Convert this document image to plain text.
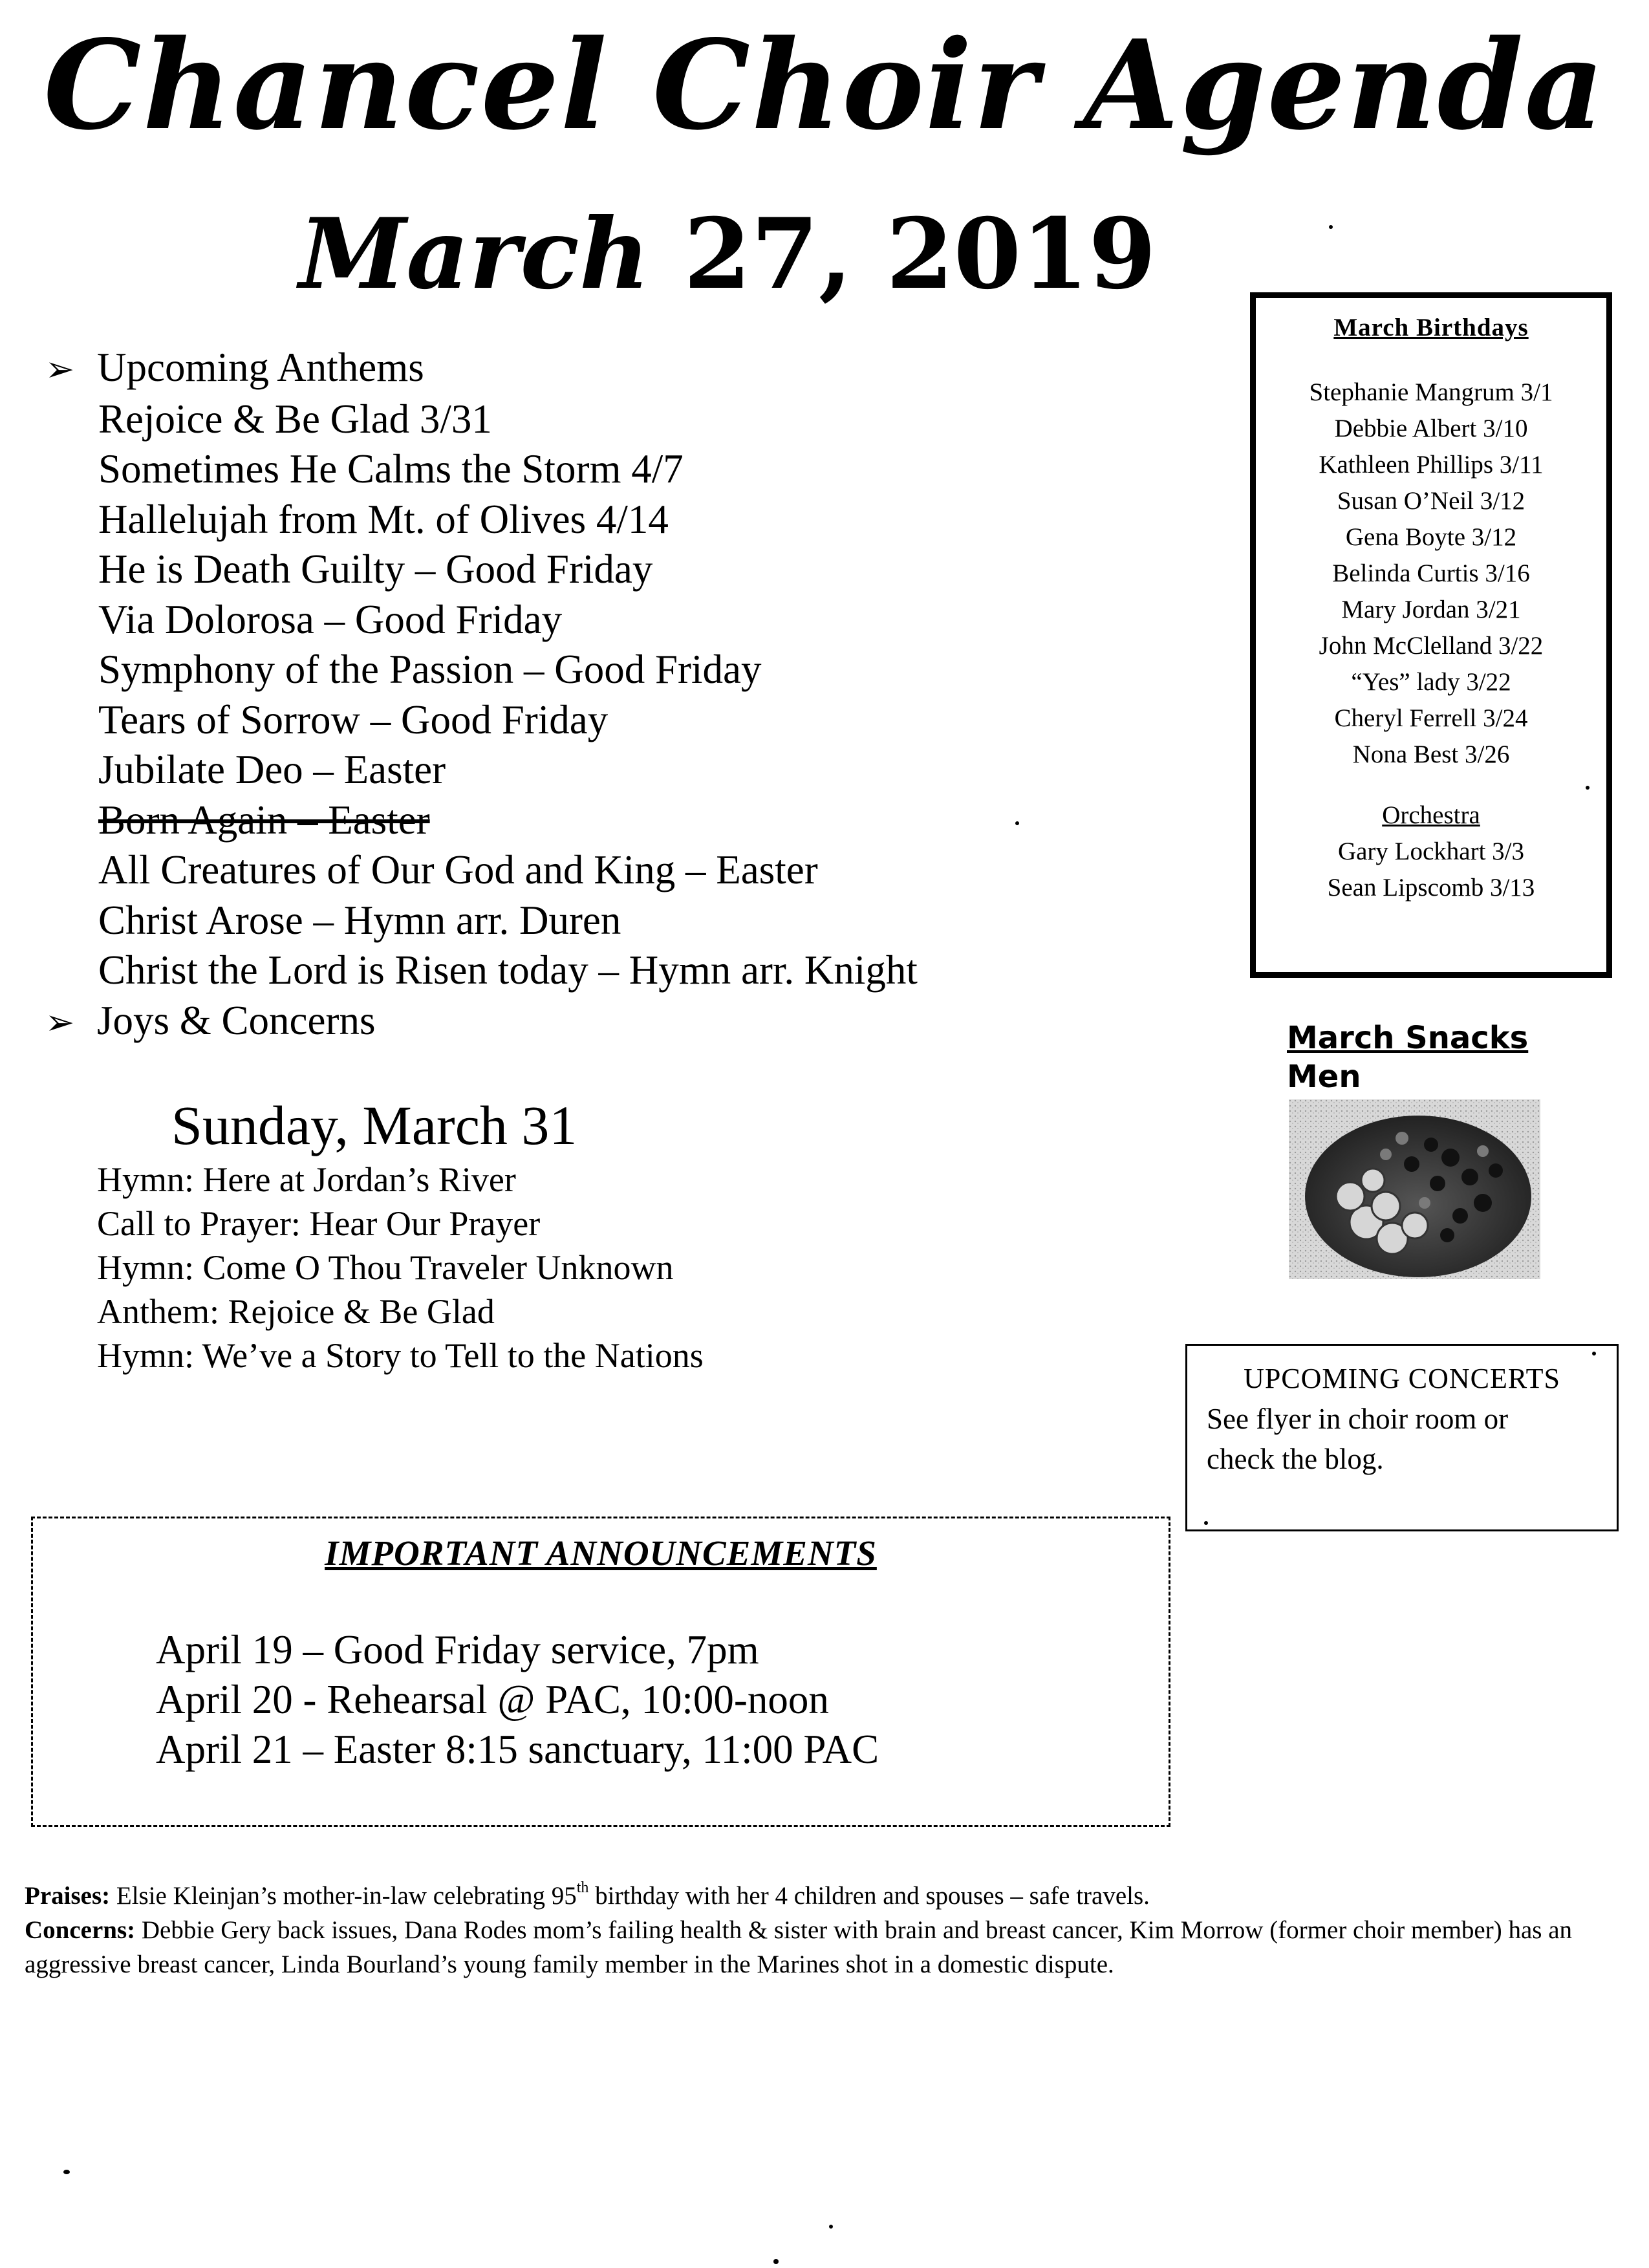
Chancel Choir Agenda
March 27, 2019
➢ Upcoming Anthems
Rejoice & Be Glad 3/31
Sometimes He Calms the Storm 4/7
Hallelujah from Mt. of Olives 4/14
He is Death Guilty – Good Friday
Via Dolorosa – Good Friday
Symphony of the Passion – Good Friday
Tears of Sorrow – Good Friday
Jubilate Deo – Easter
Born Again – Easter
All Creatures of Our God and King – Easter
Christ Arose – Hymn arr. Duren
Christ the Lord is Risen today – Hymn arr. Knight
➢ Joys & Concerns
Sunday, March 31
Hymn: Here at Jordan’s River
Call to Prayer: Hear Our Prayer
Hymn: Come O Thou Traveler Unknown
Anthem: Rejoice & Be Glad
Hymn: We’ve a Story to Tell to the Nations
March Birthdays
Stephanie Mangrum 3/1
Debbie Albert 3/10
Kathleen Phillips 3/11
Susan O’Neil 3/12
Gena Boyte 3/12
Belinda Curtis 3/16
Mary Jordan 3/21
John McClelland 3/22
“Yes” lady 3/22
Cheryl Ferrell 3/24
Nona Best 3/26
Orchestra
Gary Lockhart 3/3
Sean Lipscomb 3/13
March Snacks
Men
UPCOMING CONCERTS
See flyer in choir room or
check the blog.
IMPORTANT ANNOUNCEMENTS
April 19 – Good Friday service, 7pm
April 20 - Rehearsal @ PAC, 10:00-noon
April 21 – Easter 8:15 sanctuary, 11:00 PAC
Praises: Elsie Kleinjan’s mother-in-law celebrating 95th birthday with her 4 children and spouses – safe travels.
Concerns: Debbie Gery back issues, Dana Rodes mom’s failing health & sister with brain and breast cancer, Kim Morrow (former choir member) has an aggressive breast cancer, Linda Bourland’s young family member in the Marines shot in a domestic dispute.
